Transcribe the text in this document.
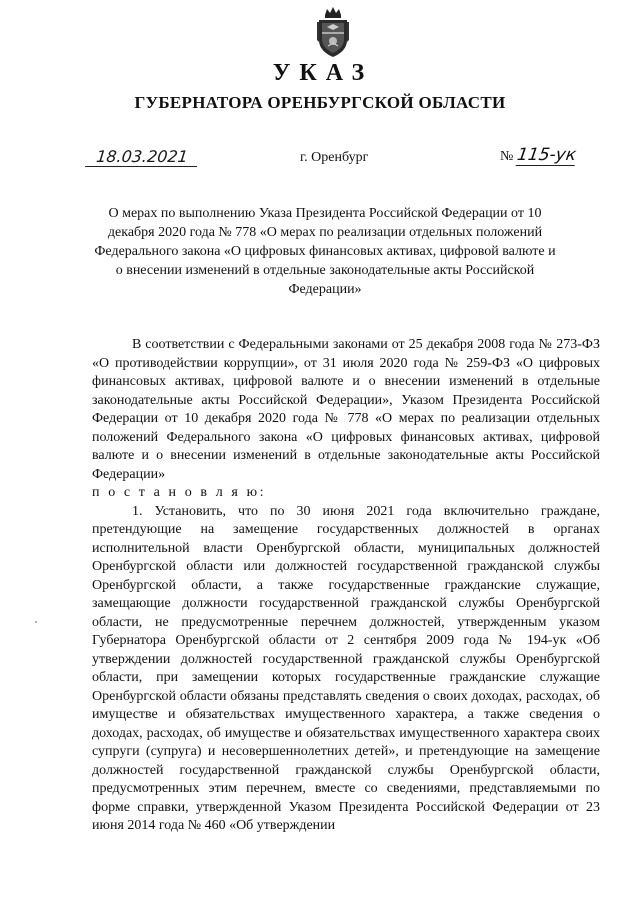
УКАЗ
ГУБЕРНАТОРА ОРЕНБУРГСКОЙ ОБЛАСТИ
18.03.2021	г. Оренбург	№ 115-ук
О мерах по выполнению Указа Президента Российской Федерации от 10 декабря 2020 года № 778 «О мерах по реализации отдельных положений Федерального закона «О цифровых финансовых активах, цифровой валюте и о внесении изменений в отдельные законодательные акты Российской Федерации»

В соответствии с Федеральными законами от 25 декабря 2008 года № 273-ФЗ «О противодействии коррупции», от 31 июля 2020 года № 259-ФЗ «О цифровых финансовых активах, цифровой валюте и о внесении изменений в отдельные законодательные акты Российской Федерации», Указом Президента Российской Федерации от 10 декабря 2020 года № 778 «О мерах по реализации отдельных положений Федерального закона «О цифровых финансовых активах, цифровой валюте и о внесении изменений в отдельные законодательные акты Российской Федерации»

п о с т а н о в л я ю:

1. Установить, что по 30 июня 2021 года включительно граждане, претендующие на замещение государственных должностей в органах исполнительной власти Оренбургской области, муниципальных должностей Оренбургской области или должностей государственной гражданской службы Оренбургской области, а также государственные гражданские служащие, замещающие должности государственной гражданской службы Оренбургской области, не предусмотренные перечнем должностей, утвержденным указом Губернатора Оренбургской области от 2 сентября 2009 года № 194-ук «Об утверждении должностей государственной гражданской службы Оренбургской области, при замещении которых государственные гражданские служащие Оренбургской области обязаны представлять сведения о своих доходах, расходах, об имуществе и обязательствах имущественного характера, а также сведения о доходах, расходах, об имуществе и обязательствах имущественного характера своих супруги (супруга) и несовершеннолетних детей», и претендующие на замещение должностей государственной гражданской службы Оренбургской области, предусмотренных этим перечнем, вместе со сведениями, представляемыми по форме справки, утвержденной Указом Президента Российской Федерации от 23 июня 2014 года № 460 «Об утверждении
